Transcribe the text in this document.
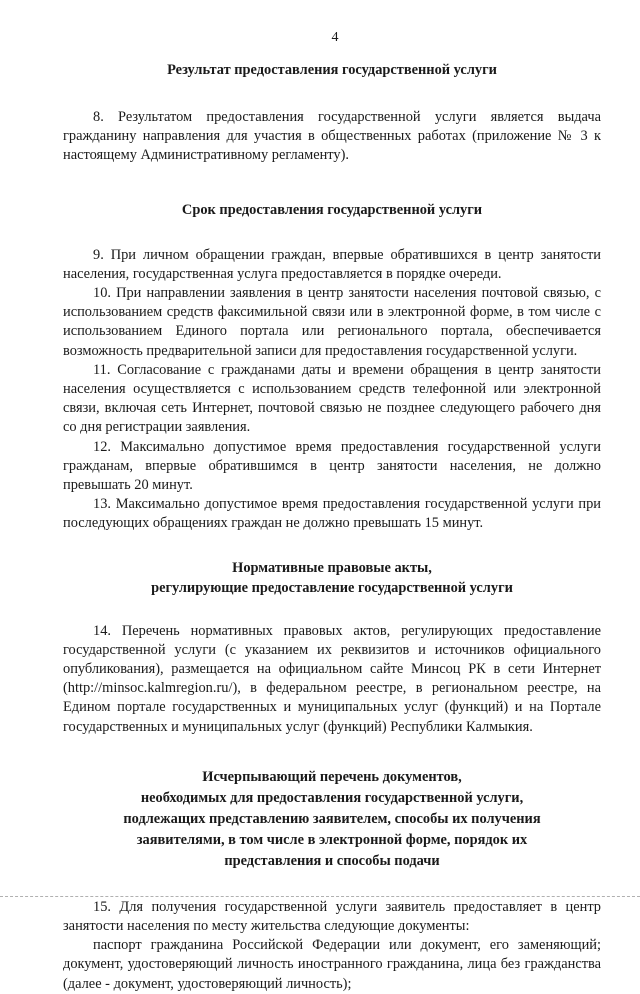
4

Результат предоставления государственной услуги

8. Результатом предоставления государственной услуги является выдача гражданину направления для участия в общественных работах (приложение № 3 к настоящему Административному регламенту).

Срок предоставления государственной услуги

9. При личном обращении граждан, впервые обратившихся в центр занятости населения, государственная услуга предоставляется в порядке очереди.

10. При направлении заявления в центр занятости населения почтовой связью, с использованием средств факсимильной связи или в электронной форме, в том числе с использованием Единого портала или регионального портала, обеспечивается возможность предварительной записи для предоставления государственной услуги.

11. Согласование с гражданами даты и времени обращения в центр занятости населения осуществляется с использованием средств телефонной или электронной связи, включая сеть Интернет, почтовой связью не позднее следующего рабочего дня со дня регистрации заявления.

12. Максимально допустимое время предоставления государственной услуги гражданам, впервые обратившимся в центр занятости населения, не должно превышать 20 минут.

13. Максимально допустимое время предоставления государственной услуги при последующих обращениях граждан не должно превышать 15 минут.

Нормативные правовые акты,
регулирующие предоставление государственной услуги

14. Перечень нормативных правовых актов, регулирующих предоставление государственной услуги (с указанием их реквизитов и источников официального опубликования), размещается на официальном сайте Минсоц РК в сети Интернет (http://minsoc.kalmregion.ru/), в федеральном реестре, в региональном реестре, на Едином портале государственных и муниципальных услуг (функций) и на Портале государственных и муниципальных услуг (функций) Республики Калмыкия.

Исчерпывающий перечень документов,
необходимых для предоставления государственной услуги,
подлежащих представлению заявителем, способы их получения
заявителями, в том числе в электронной форме, порядок их
представления и способы подачи

15. Для получения государственной услуги заявитель предоставляет в центр занятости населения по месту жительства следующие документы:

паспорт гражданина Российской Федерации или документ, его заменяющий; документ, удостоверяющий личность иностранного гражданина, лица без гражданства (далее - документ, удостоверяющий личность);
